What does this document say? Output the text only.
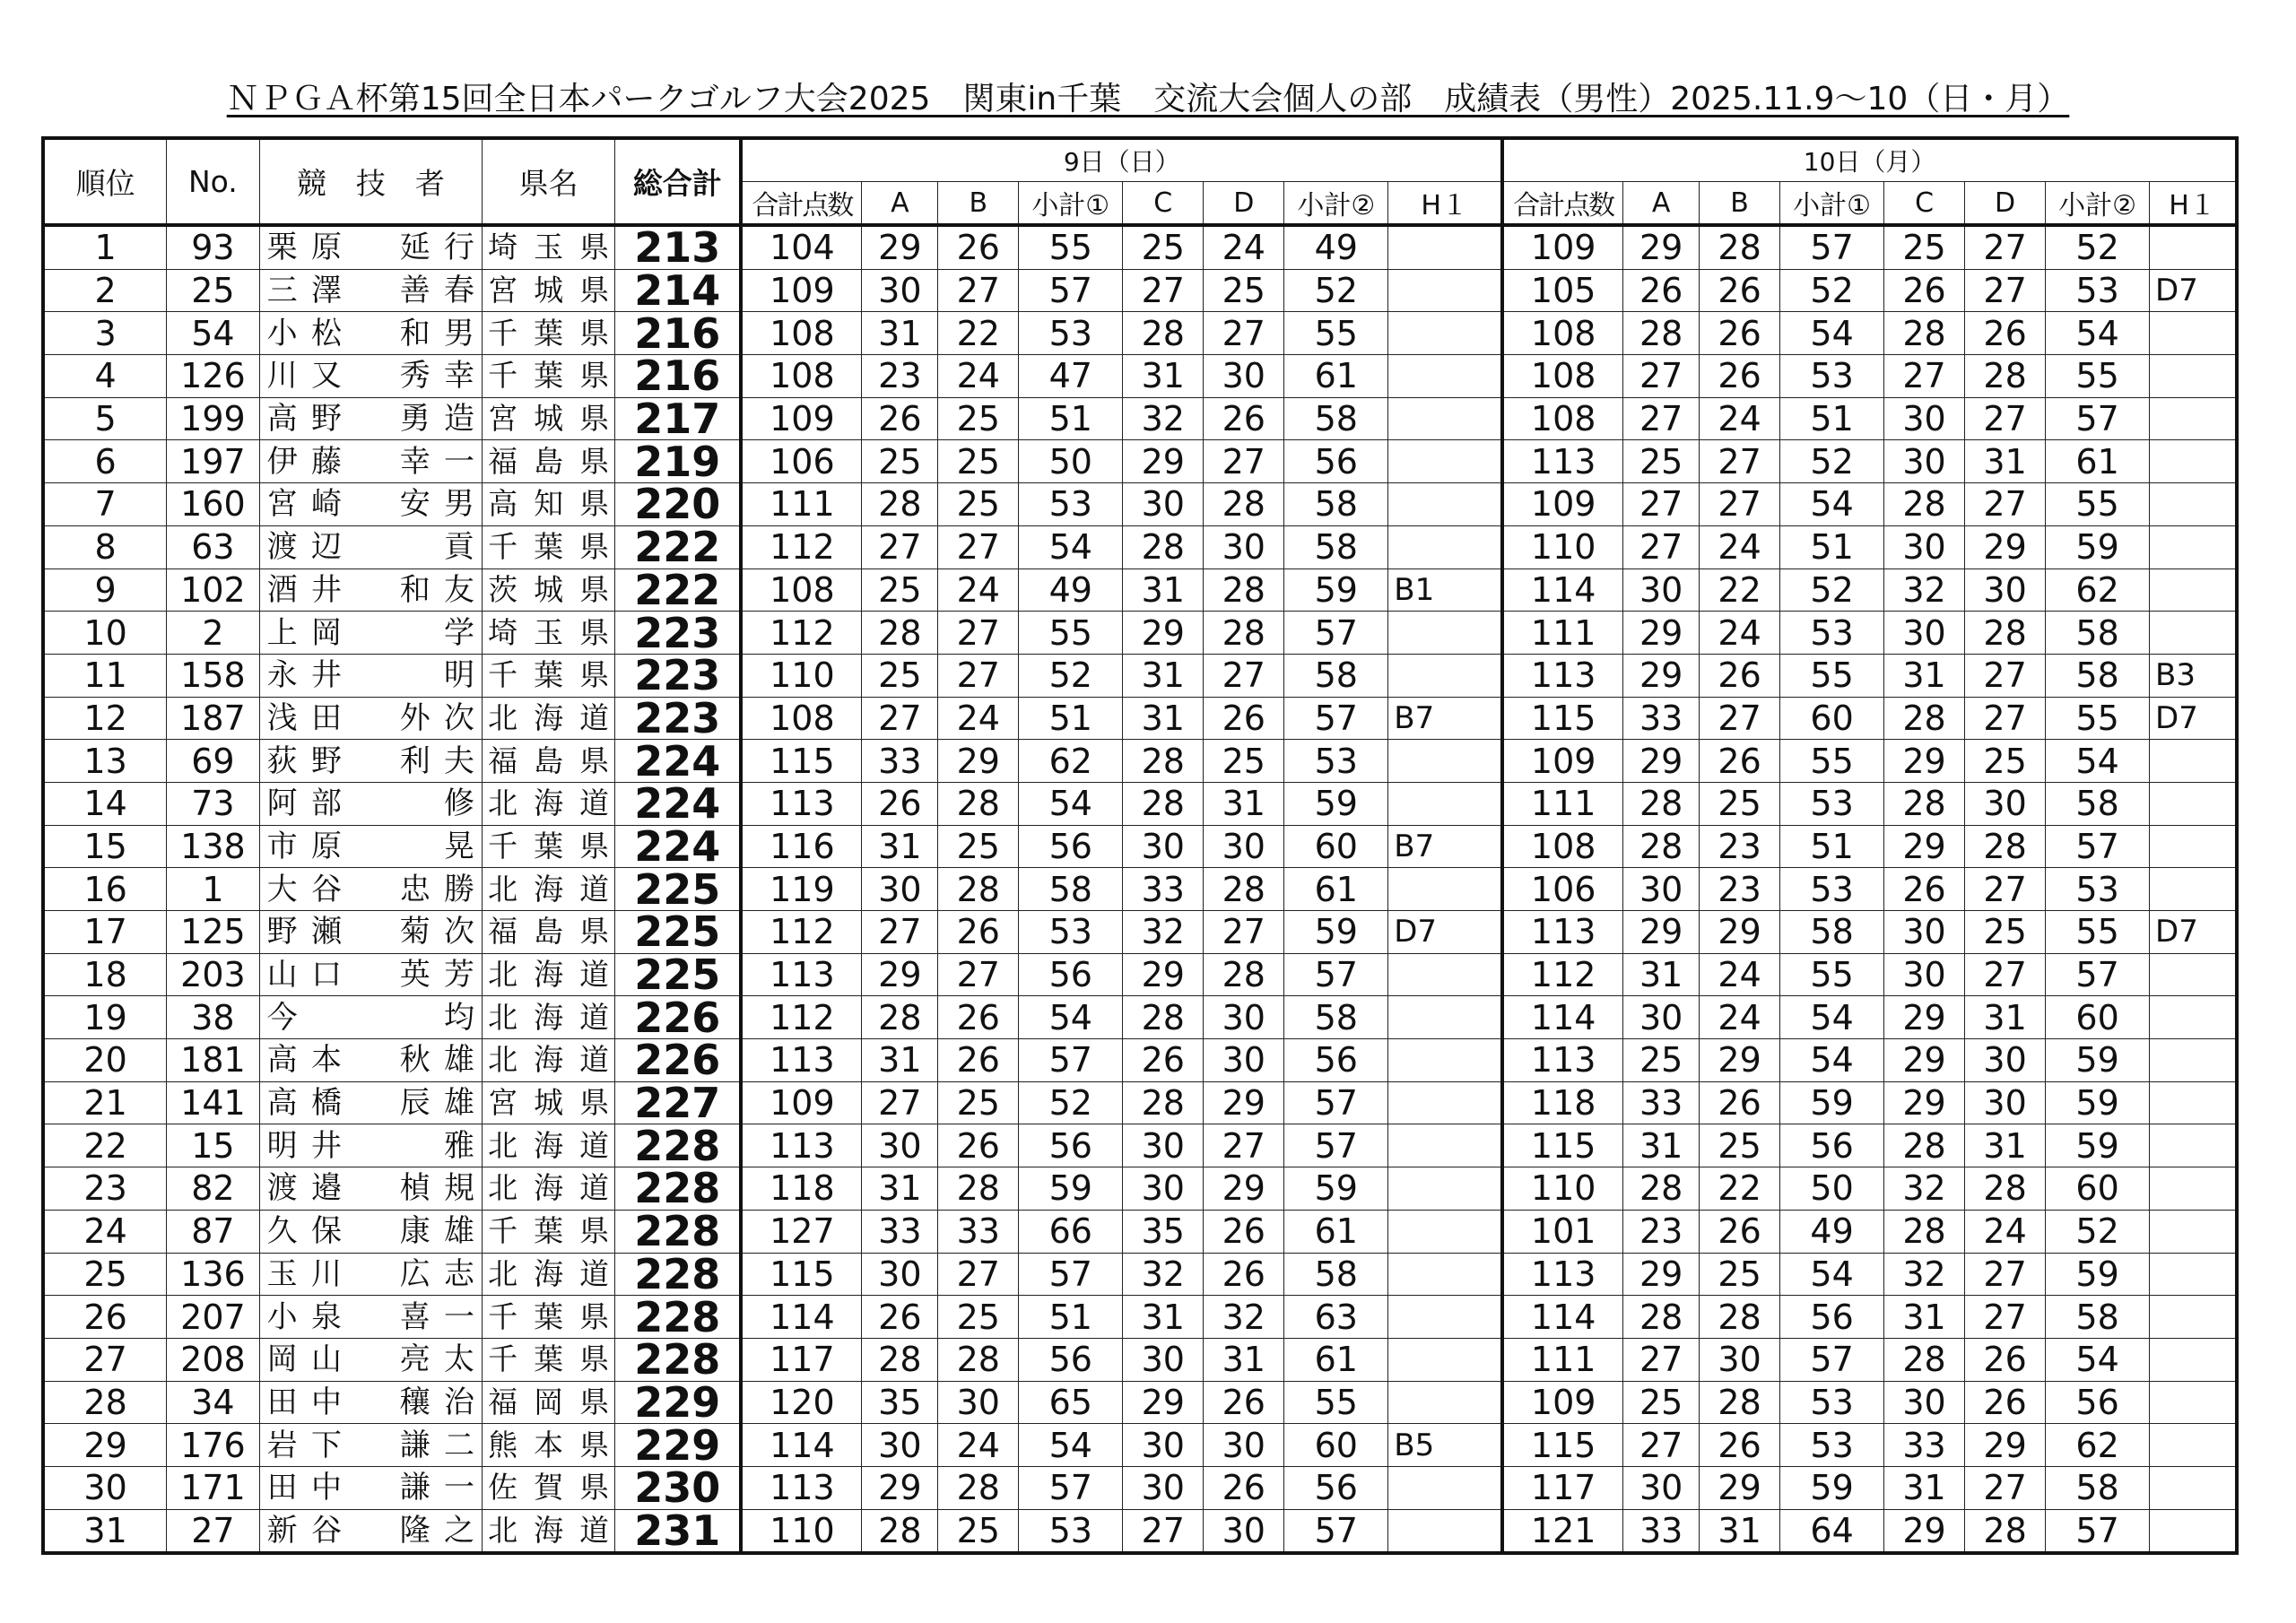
ＮＰＧＡ杯第15回全日本パークゴルフ大会2025　関東in千葉　交流大会個人の部　成績表（男性）2025.11.9～10（日・月）
順位	No.	競　技　者	県名	総合計	9日（日）								10日（月）							
					合計点数	A	B	小計①	C	D	小計②	H１	合計点数	A	B	小計①	C	D	小計②	H１
1	93	栗原　延行	埼玉県	213	104	29	26	55	25	24	49		109	29	28	57	25	27	52	
2	25	三澤　善春	宮城県	214	109	30	27	57	27	25	52		105	26	26	52	26	27	53	D7
3	54	小松　和男	千葉県	216	108	31	22	53	28	27	55		108	28	26	54	28	26	54	
4	126	川又　秀幸	千葉県	216	108	23	24	47	31	30	61		108	27	26	53	27	28	55	
5	199	高野　勇造	宮城県	217	109	26	25	51	32	26	58		108	27	24	51	30	27	57	
6	197	伊藤　幸一	福島県	219	106	25	25	50	29	27	56		113	25	27	52	30	31	61	
7	160	宮崎　安男	高知県	220	111	28	25	53	30	28	58		109	27	27	54	28	27	55	
8	63	渡辺　　貢	千葉県	222	112	27	27	54	28	30	58		110	27	24	51	30	29	59	
9	102	酒井　和友	茨城県	222	108	25	24	49	31	28	59	B1	114	30	22	52	32	30	62	
10	2	上岡　　学	埼玉県	223	112	28	27	55	29	28	57		111	29	24	53	30	28	58	
11	158	永井　　明	千葉県	223	110	25	27	52	31	27	58		113	29	26	55	31	27	58	B3
12	187	浅田　外次	北海道	223	108	27	24	51	31	26	57	B7	115	33	27	60	28	27	55	D7
13	69	荻野　利夫	福島県	224	115	33	29	62	28	25	53		109	29	26	55	29	25	54	
14	73	阿部　　修	北海道	224	113	26	28	54	28	31	59		111	28	25	53	28	30	58	
15	138	市原　　晃	千葉県	224	116	31	25	56	30	30	60	B7	108	28	23	51	29	28	57	
16	1	大谷　忠勝	北海道	225	119	30	28	58	33	28	61		106	30	23	53	26	27	53	
17	125	野瀬　菊次	福島県	225	112	27	26	53	32	27	59	D7	113	29	29	58	30	25	55	D7
18	203	山口　英芳	北海道	225	113	29	27	56	29	28	57		112	31	24	55	30	27	57	
19	38	今　　　均	北海道	226	112	28	26	54	28	30	58		114	30	24	54	29	31	60	
20	181	高本　秋雄	北海道	226	113	31	26	57	26	30	56		113	25	29	54	29	30	59	
21	141	高橋　辰雄	宮城県	227	109	27	25	52	28	29	57		118	33	26	59	29	30	59	
22	15	明井　　雅	北海道	228	113	30	26	56	30	27	57		115	31	25	56	28	31	59	
23	82	渡邉　楨規	北海道	228	118	31	28	59	30	29	59		110	28	22	50	32	28	60	
24	87	久保　康雄	千葉県	228	127	33	33	66	35	26	61		101	23	26	49	28	24	52	
25	136	玉川　広志	北海道	228	115	30	27	57	32	26	58		113	29	25	54	32	27	59	
26	207	小泉　喜一	千葉県	228	114	26	25	51	31	32	63		114	28	28	56	31	27	58	
27	208	岡山　亮太	千葉県	228	117	28	28	56	30	31	61		111	27	30	57	28	26	54	
28	34	田中　穰治	福岡県	229	120	35	30	65	29	26	55		109	25	28	53	30	26	56	
29	176	岩下　謙二	熊本県	229	114	30	24	54	30	30	60	B5	115	27	26	53	33	29	62	
30	171	田中　謙一	佐賀県	230	113	29	28	57	30	26	56		117	30	29	59	31	27	58	
31	27	新谷　隆之	北海道	231	110	28	25	53	27	30	57		121	33	31	64	29	28	57	
